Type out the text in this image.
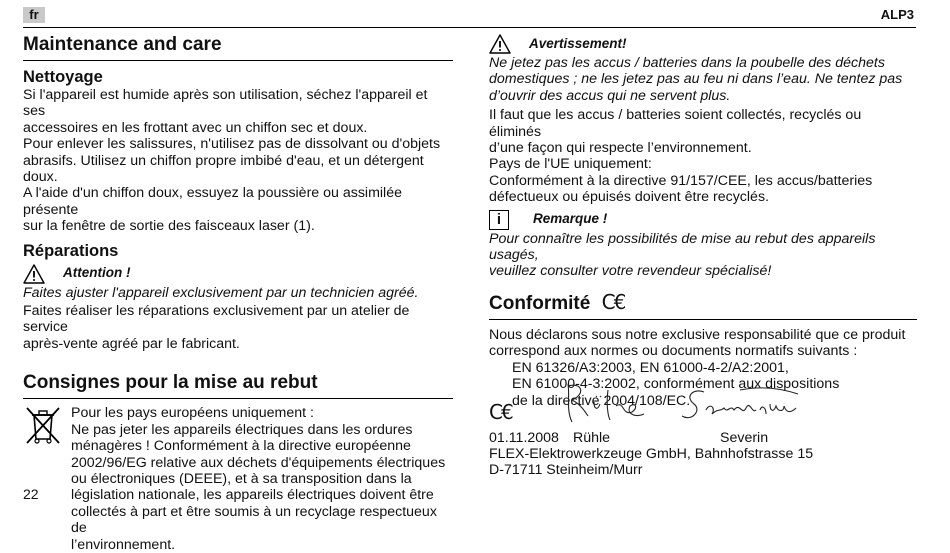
fr	ALP3
Maintenance and care
Nettoyage

Si l'appareil est humide après son utilisation, séchez l'appareil et ses

accessoires en les frottant avec un chiffon sec et doux.

Pour enlever les salissures, n'utilisez pas de dissolvant ou d'objets

abrasifs. Utilisez un chiffon propre imbibé d'eau, et un détergent doux.

A l'aide d'un chiffon doux, essuyez la poussière ou assimilée présente

sur la fenêtre de sortie des faisceaux laser (1).

Réparations
Attention !

Faites ajuster l'appareil exclusivement par un technicien agréé.

Faites réaliser les réparations exclusivement par un atelier de service

après-vente agréé par le fabricant.

Consignes pour la mise au rebut

Pour les pays européens uniquement :

Ne pas jeter les appareils électriques dans les ordures

ménagères ! Conformément à la directive européenne

2002/96/EG relative aux déchets d'équipements électriques

ou électroniques (DEEE), et à sa transposition dans la

législation nationale, les appareils électriques doivent être

collectés à part et être soumis à un recyclage respectueux de

l’environnement.

22
Avertissement!

Ne jetez pas les accus / batteries dans la poubelle des déchets

domestiques ; ne les jetez pas au feu ni dans l’eau. Ne tentez pas

d’ouvrir des accus qui ne servent plus.

Il faut que les accus / batteries soient collectés, recyclés ou éliminés

d’une façon qui respecte l’environnement.

Pays de l'UE uniquement:

Conformément à la directive 91/157/CEE, les accus/batteries

défectueux ou épuisés doivent être recyclés.

i	Remarque !

Pour connaître les possibilités de mise au rebut des appareils usagés,

veuillez consulter votre revendeur spécialisé!

Conformité C€

Nous déclarons sous notre exclusive responsabilité que ce produit

correspond aux normes ou documents normatifs suivants :

EN 61326/A3:2003, EN 61000-4-2/A2:2001,

EN 61000-4-3:2002, conformément aux dispositions

de la directive 2004/108/EC.

C€
01.11.2008 Rühle	Severin
FLEX-Elektrowerkzeuge GmbH, Bahnhofstrasse 15
D-71711 Steinheim/Murr
